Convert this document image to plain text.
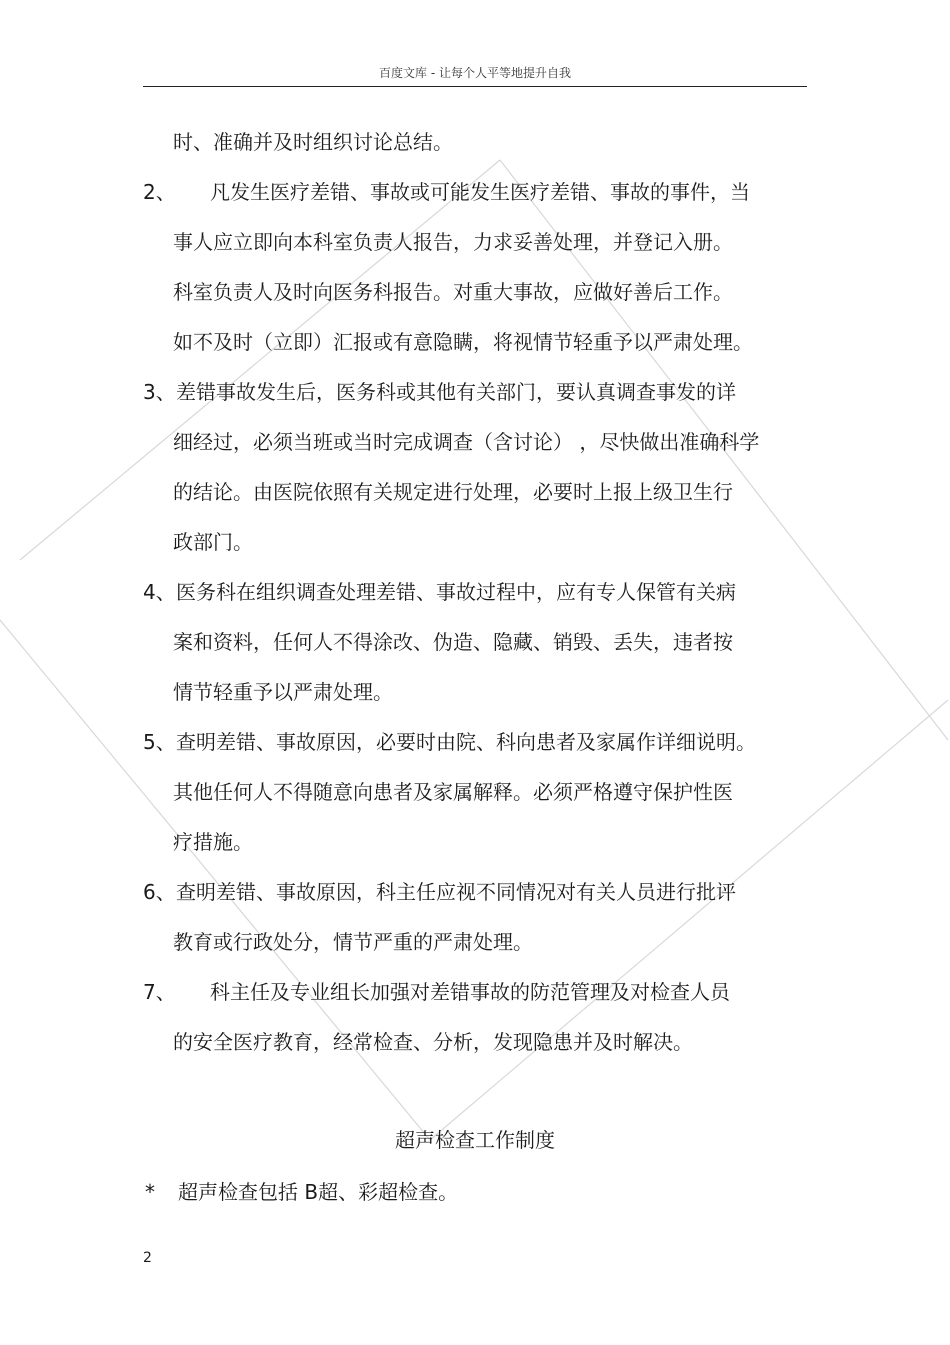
百度文库 - 让每个人平等地提升自我
时、准确并及时组织讨论总结。
2、 凡发生医疗差错、事故或可能发生医疗差错、事故的事件，当
事人应立即向本科室负责人报告，力求妥善处理，并登记入册。
科室负责人及时向医务科报告。对重大事故，应做好善后工作。
如不及时（立即）汇报或有意隐瞒，将视情节轻重予以严肃处理。
3、 差错事故发生后，医务科或其他有关部门，要认真调查事发的详
细经过，必须当班或当时完成调查（含讨论） ，尽快做出准确科学
的结论。由医院依照有关规定进行处理，必要时上报上级卫生行
政部门。
4、 医务科在组织调查处理差错、事故过程中，应有专人保管有关病
案和资料，任何人不得涂改、伪造、隐藏、销毁、丢失，违者按
情节轻重予以严肃处理。
5、 查明差错、事故原因，必要时由院、科向患者及家属作详细说明。
其他任何人不得随意向患者及家属解释。必须严格遵守保护性医
疗措施。
6、 查明差错、事故原因，科主任应视不同情况对有关人员进行批评
教育或行政处分，情节严重的严肃处理。
7、 科主任及专业组长加强对差错事故的防范管理及对检查人员
的安全医疗教育，经常检查、分析，发现隐患并及时解决。
超声检查工作制度
* 超声检查包括 B超、彩超检查。
2
